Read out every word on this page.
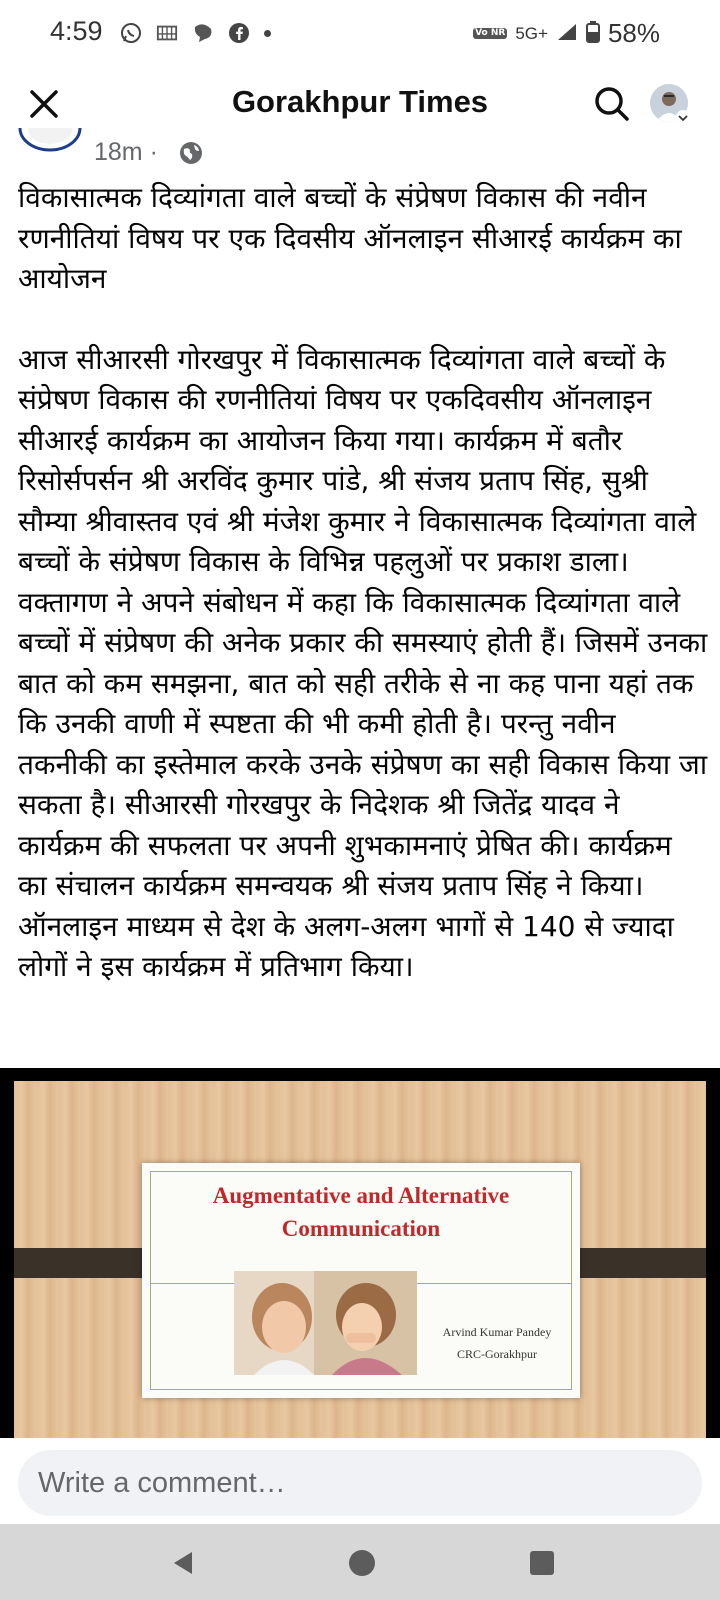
4:59	Vo NR 5G+ 58%
Gorakhpur Times
18m ·

विकासात्मक दिव्यांगता वाले बच्चों के संप्रेषण विकास की नवीन रणनीतियां विषय पर एक दिवसीय ऑनलाइन सीआरई कार्यक्रम का आयोजन

आज सीआरसी गोरखपुर में विकासात्मक दिव्यांगता वाले बच्चों के संप्रेषण विकास की रणनीतियां विषय पर एकदिवसीय ऑनलाइन सीआरई कार्यक्रम का आयोजन किया गया। कार्यक्रम में बतौर रिसोर्सपर्सन श्री अरविंद कुमार पांडे, श्री संजय प्रताप सिंह, सुश्री सौम्या श्रीवास्तव एवं श्री मंजेश कुमार ने विकासात्मक दिव्यांगता वाले बच्चों के संप्रेषण विकास के विभिन्न पहलुओं पर प्रकाश डाला। वक्तागण ने अपने संबोधन में कहा कि विकासात्मक दिव्यांगता वाले बच्चों में संप्रेषण की अनेक प्रकार की समस्याएं होती हैं। जिसमें उनका बात को कम समझना, बात को सही तरीके से ना कह पाना यहां तक कि उनकी वाणी में स्पष्टता की भी कमी होती है। परन्तु नवीन तकनीकी का इस्तेमाल करके उनके संप्रेषण का सही विकास किया जा सकता है। सीआरसी गोरखपुर के निदेशक श्री जितेंद्र यादव ने कार्यक्रम की सफलता पर अपनी शुभकामनाएं प्रेषित की। कार्यक्रम का संचालन कार्यक्रम समन्वयक श्री संजय प्रताप सिंह ने किया। ऑनलाइन माध्यम से देश के अलग-अलग भागों से 140 से ज्यादा लोगों ने इस कार्यक्रम में प्रतिभाग किया।

Augmentative and Alternative Communication
Arvind Kumar Pandey
CRC-Gorakhpur
Write a comment…
